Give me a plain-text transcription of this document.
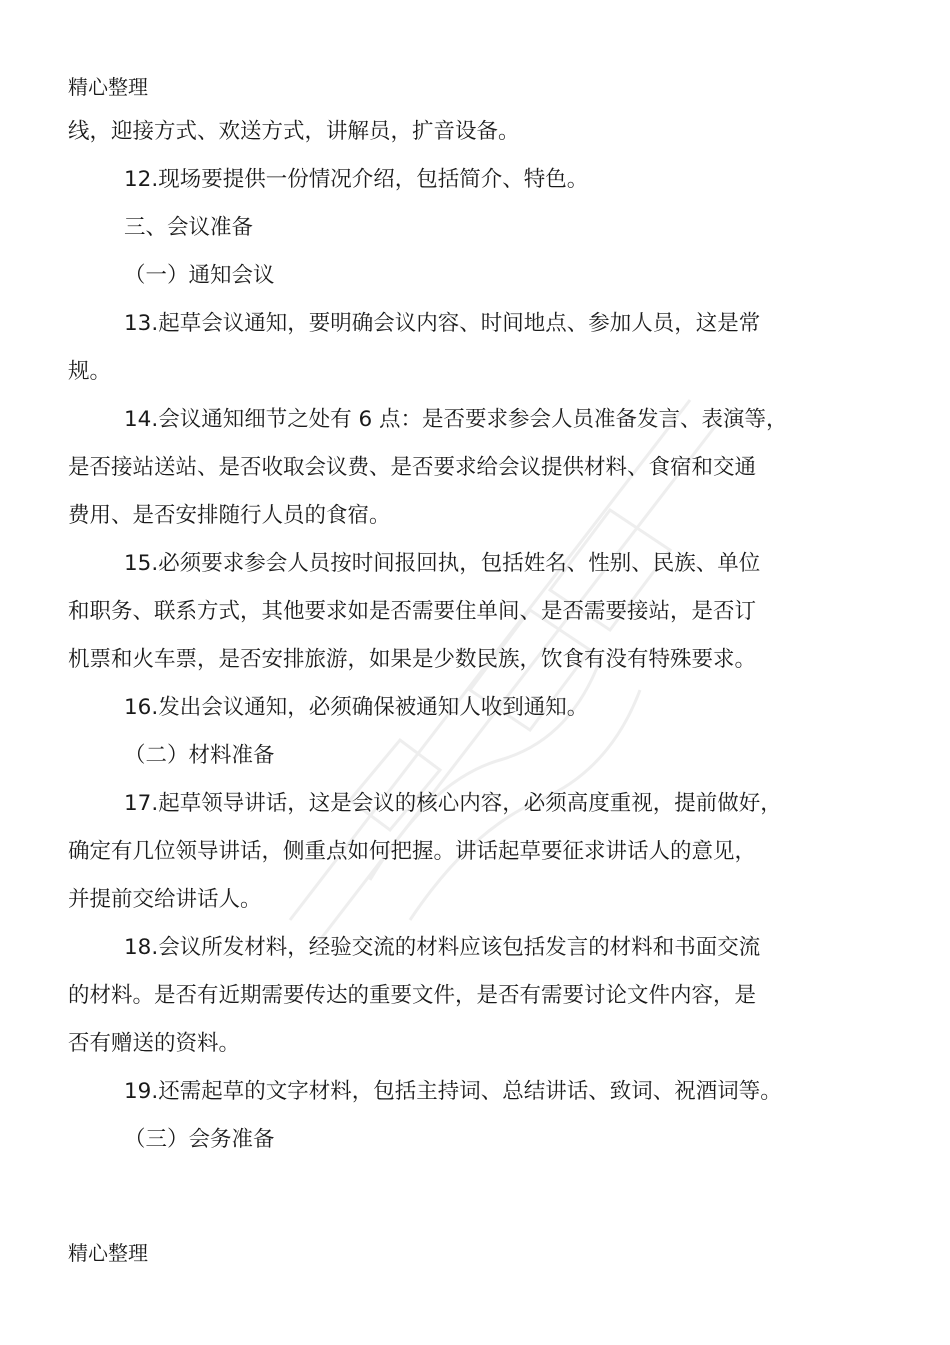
精心整理
线，迎接方式、欢送方式，讲解员，扩音设备。
12.现场要提供一份情况介绍，包括简介、特色。
三、会议准备
（一）通知会议
13.起草会议通知，要明确会议内容、时间地点、参加人员，这是常
规。
14.会议通知细节之处有 6 点：是否要求参会人员准备发言、表演等，
是否接站送站、是否收取会议费、是否要求给会议提供材料、食宿和交通
费用、是否安排随行人员的食宿。
15.必须要求参会人员按时间报回执，包括姓名、性别、民族、单位
和职务、联系方式，其他要求如是否需要住单间、是否需要接站，是否订
机票和火车票，是否安排旅游，如果是少数民族，饮食有没有特殊要求。
16.发出会议通知，必须确保被通知人收到通知。
（二）材料准备
17.起草领导讲话，这是会议的核心内容，必须高度重视，提前做好，
确定有几位领导讲话，侧重点如何把握。讲话起草要征求讲话人的意见，
并提前交给讲话人。
18.会议所发材料，经验交流的材料应该包括发言的材料和书面交流
的材料。是否有近期需要传达的重要文件，是否有需要讨论文件内容，是
否有赠送的资料。
19.还需起草的文字材料，包括主持词、总结讲话、致词、祝酒词等。
（三）会务准备
精心整理
